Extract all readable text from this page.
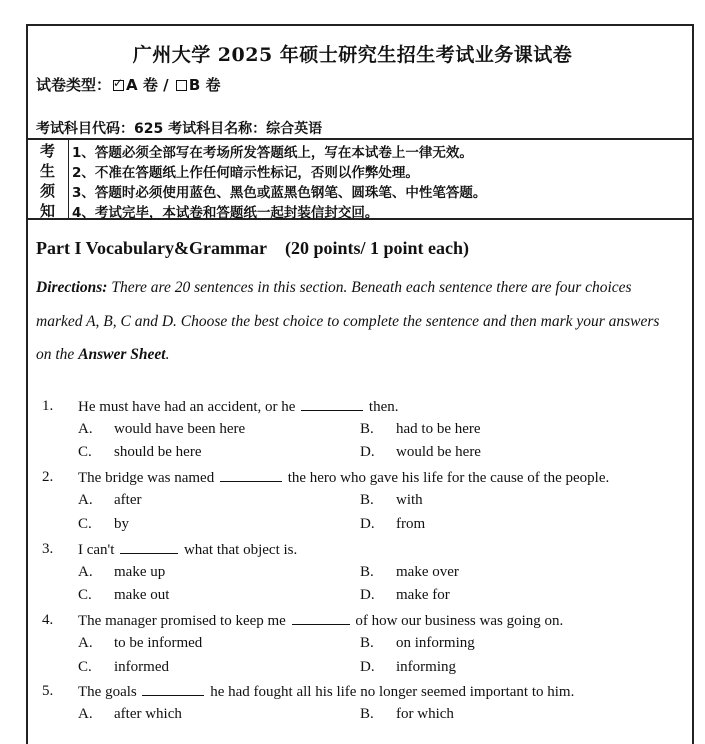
广州大学 2025 年硕士研究生招生考试业务课试卷
试卷类型：✓ A 卷 / B 卷
考试科目代码：625 考试科目名称：综合英语
考
生
须
知
1、答题必须全部写在考场所发答题纸上，写在本试卷上一律无效。
2、不准在答题纸上作任何暗示性标记，否则以作弊处理。
3、答题时必须使用蓝色、黑色或蓝黑色钢笔、圆珠笔、中性笔答题。
4、考试完毕，本试卷和答题纸一起封装信封交回。
Part I Vocabulary&Grammar (20 points/ 1 point each)
Directions: There are 20 sentences in this section. Beneath each sentence there are four choices
marked A, B, C and D. Choose the best choice to complete the sentence and then mark your answers
on the Answer Sheet.
1. He must have had an accident, or he	then.
A. would have been here	B. had to be here
C. should be here	D. would be here
2. The bridge was named	the hero who gave his life for the cause of the people.
A. after	B. with
C. by	D. from
3. I can't	what that object is.
A. make up	B. make over
C. make out	D. make for
4. The manager promised to keep me	of how our business was going on.
A. to be informed	B. on informing
C. informed	D. informing
5. The goals	he had fought all his life no longer seemed important to him.
A. after which	B. for which
